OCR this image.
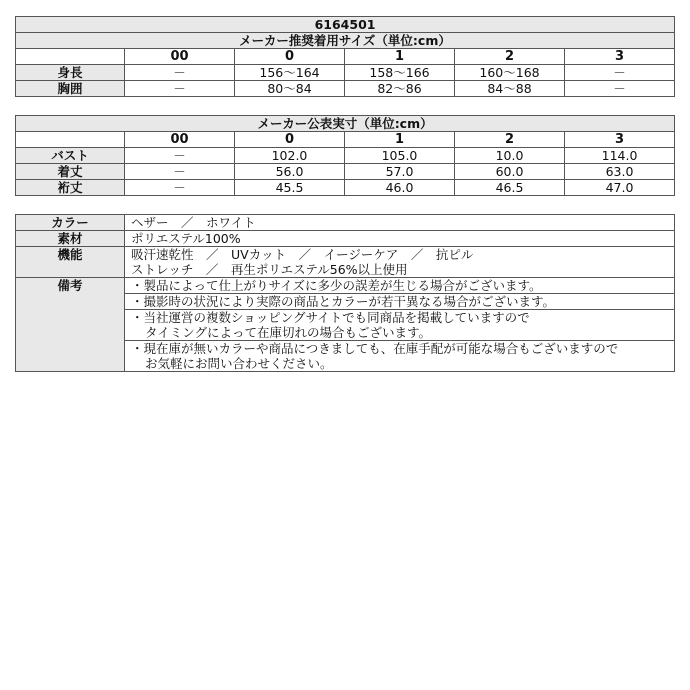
6164501					
メーカー推奨着用サイズ（単位:cm）					
	00	0	1	2	3
身長	－	156～164	158～166	160～168	－
胸囲	－	80～84	82～86	84～88	－
メーカー公表実寸（単位:cm）					
	00	0	1	2	3
バスト	－	102.0	105.0	10.0	114.0
着丈	－	56.0	57.0	60.0	63.0
裄丈	－	45.5	46.0	46.5	47.0
カラー	ヘザー　／　ホワイト
素材	ポリエステル100%
機能	吸汗速乾性　／　UVカット　／　イージーケア　／　抗ピル
ストレッチ　／　再生ポリエステル56%以上使用

備考	・製品によって仕上がりサイズに多少の誤差が生じる場合がございます。
	・撮影時の状況により実際の商品とカラーが若干異なる場合がございます。

	・当社運営の複数ショッピングサイトでも同商品を掲載していますので
タイミングによって在庫切れの場合もございます。

	・現在庫が無いカラーや商品につきましても、在庫手配が可能な場合もございますので
お気軽にお問い合わせください。
